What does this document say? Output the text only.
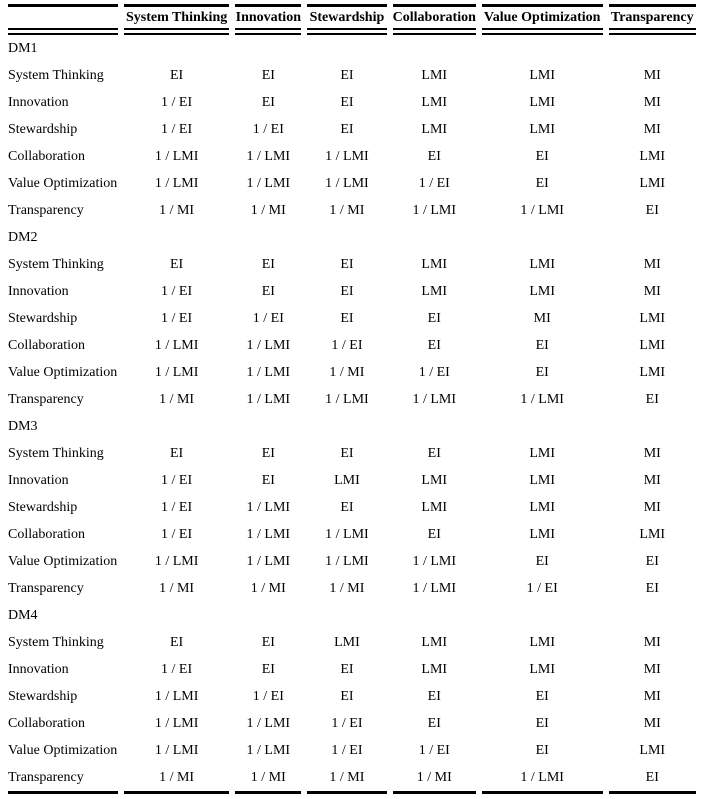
	System Thinking	Innovation	Stewardship	Collaboration	Value Optimization	Transparency
DM1						
System Thinking	EI	EI	EI	LMI	LMI	MI
Innovation	1 / EI	EI	EI	LMI	LMI	MI
Stewardship	1 / EI	1 / EI	EI	LMI	LMI	MI
Collaboration	1 / LMI	1 / LMI	1 / LMI	EI	EI	LMI
Value Optimization	1 / LMI	1 / LMI	1 / LMI	1 / EI	EI	LMI
Transparency	1 / MI	1 / MI	1 / MI	1 / LMI	1 / LMI	EI
DM2						
System Thinking	EI	EI	EI	LMI	LMI	MI
Innovation	1 / EI	EI	EI	LMI	LMI	MI
Stewardship	1 / EI	1 / EI	EI	EI	MI	LMI
Collaboration	1 / LMI	1 / LMI	1 / EI	EI	EI	LMI
Value Optimization	1 / LMI	1 / LMI	1 / MI	1 / EI	EI	LMI
Transparency	1 / MI	1 / LMI	1 / LMI	1 / LMI	1 / LMI	EI
DM3						
System Thinking	EI	EI	EI	EI	LMI	MI
Innovation	1 / EI	EI	LMI	LMI	LMI	MI
Stewardship	1 / EI	1 / LMI	EI	LMI	LMI	MI
Collaboration	1 / EI	1 / LMI	1 / LMI	EI	LMI	LMI
Value Optimization	1 / LMI	1 / LMI	1 / LMI	1 / LMI	EI	EI
Transparency	1 / MI	1 / MI	1 / MI	1 / LMI	1 / EI	EI
DM4						
System Thinking	EI	EI	LMI	LMI	LMI	MI
Innovation	1 / EI	EI	EI	LMI	LMI	MI
Stewardship	1 / LMI	1 / EI	EI	EI	EI	MI
Collaboration	1 / LMI	1 / LMI	1 / EI	EI	EI	MI
Value Optimization	1 / LMI	1 / LMI	1 / EI	1 / EI	EI	LMI
Transparency	1 / MI	1 / MI	1 / MI	1 / MI	1 / LMI	EI
